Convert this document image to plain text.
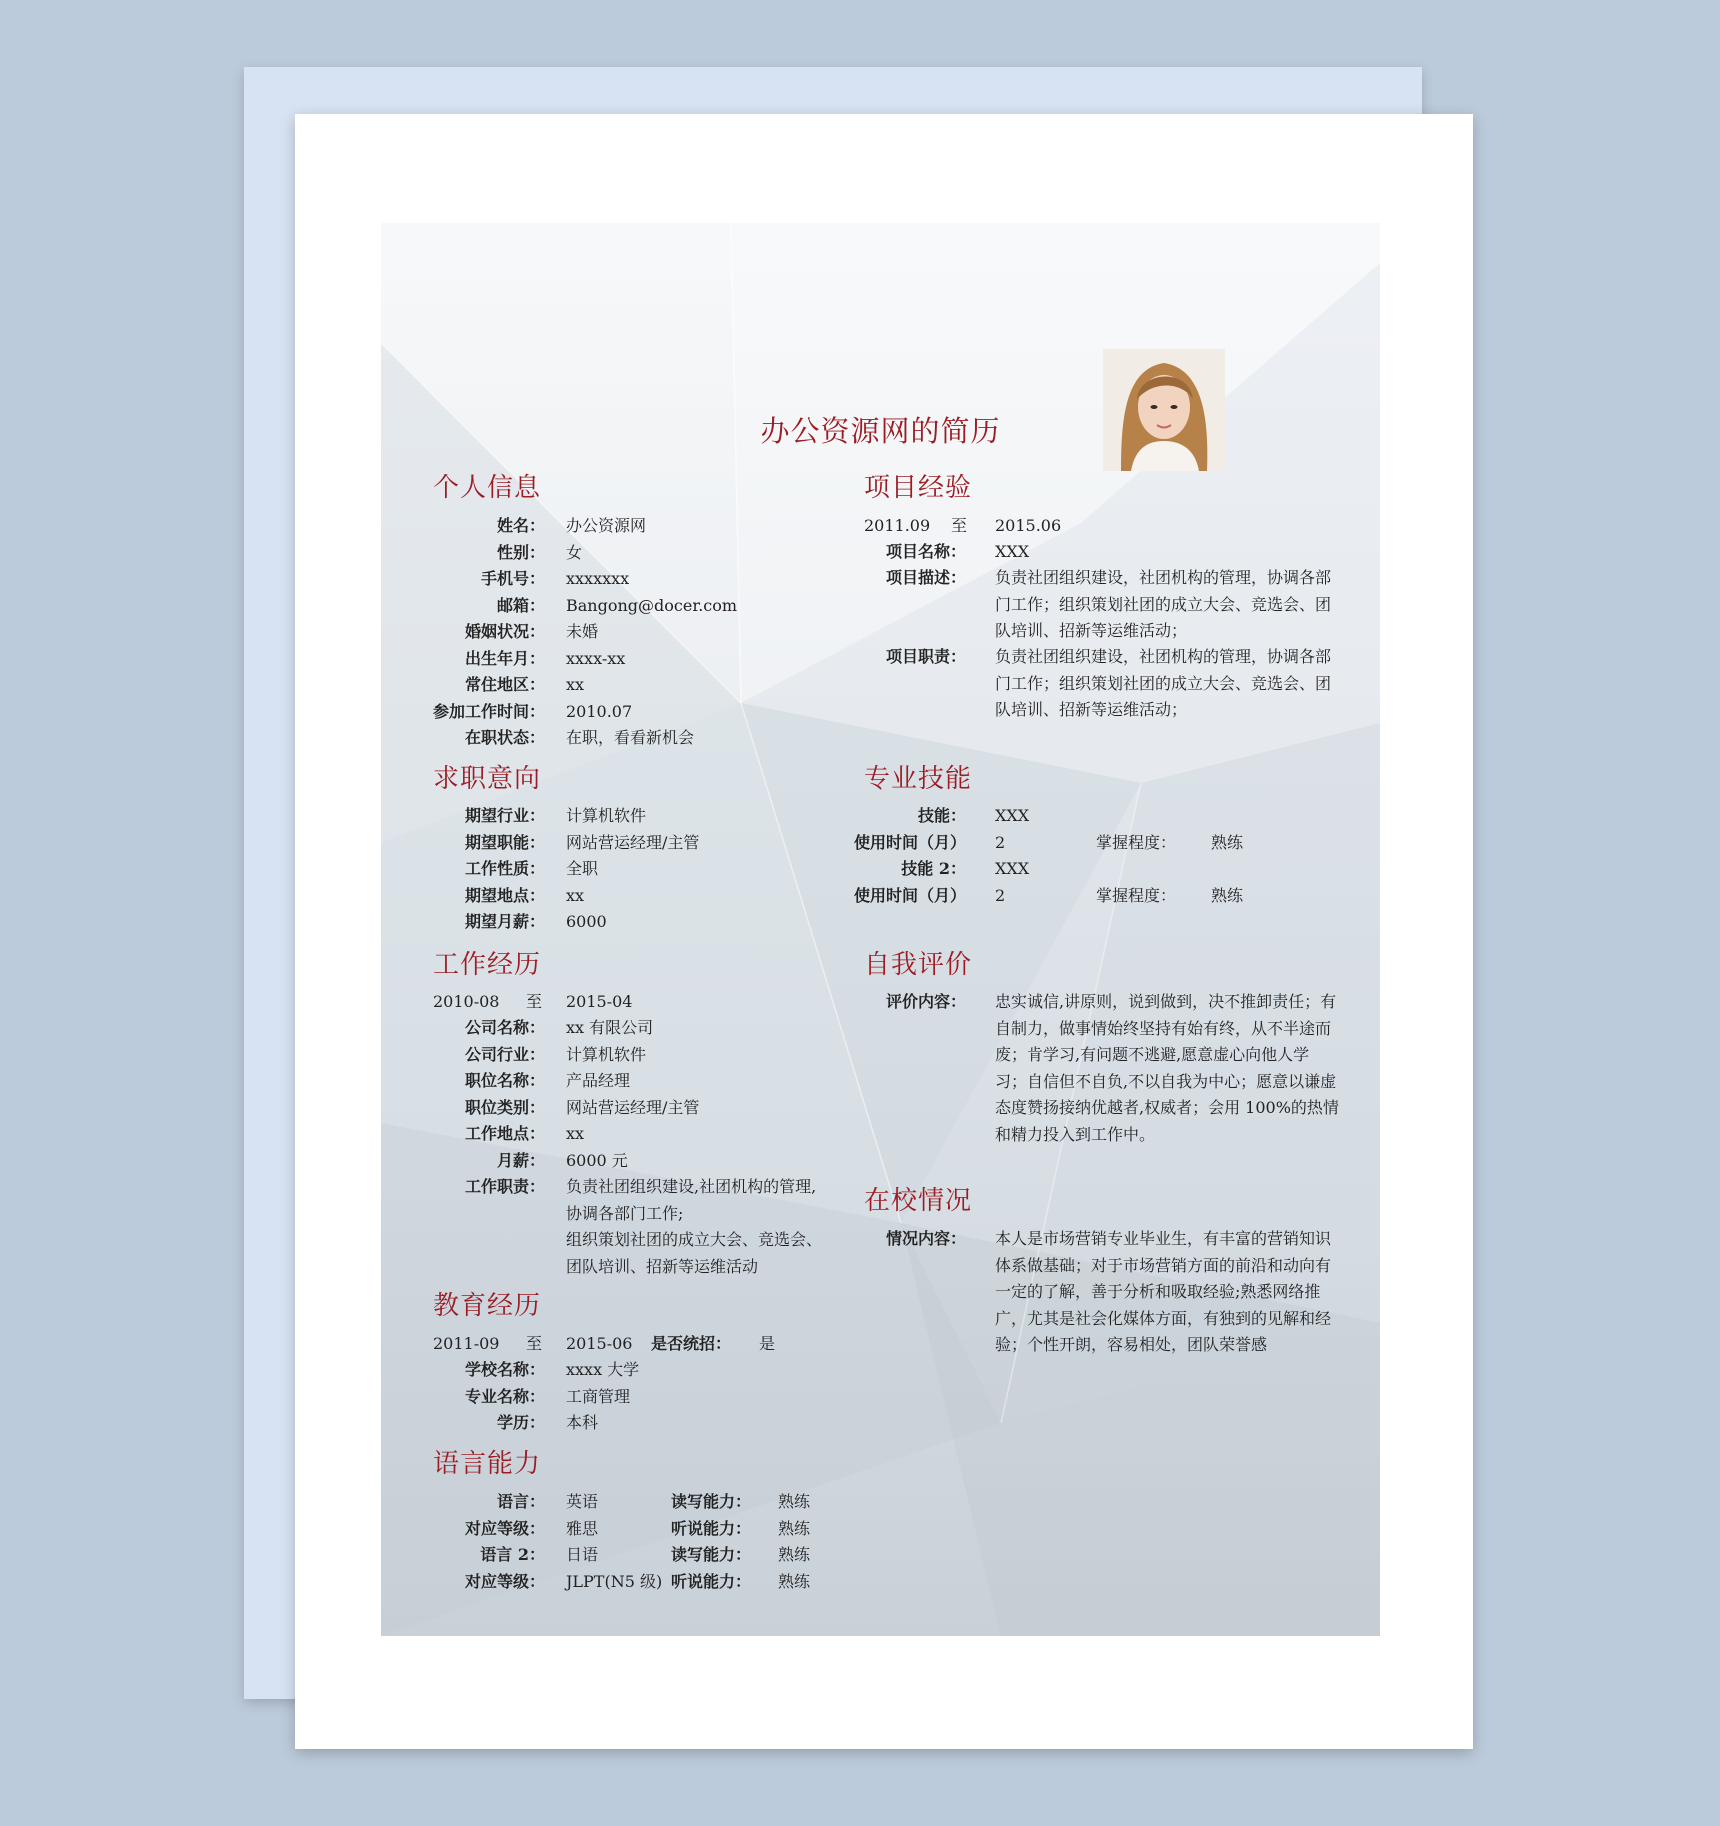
办公资源网的简历
个人信息
姓名： 办公资源网
性别： 女
手机号： xxxxxxx
邮箱： Bangong@docer.com
婚姻状况： 未婚
出生年月： xxxx-xx
常住地区： xx
参加工作时间： 2010.07
在职状态： 在职，看看新机会
求职意向
期望行业： 计算机软件
期望职能： 网站营运经理/主管
工作性质： 全职
期望地点： xx
期望月薪： 6000
工作经历
2010-08 至 2015-04
公司名称： xx 有限公司
公司行业： 计算机软件
职位名称： 产品经理
职位类别： 网站营运经理/主管
工作地点： xx
月薪： 6000 元
工作职责： 负责社团组织建设,社团机构的管理,
协调各部门工作;
组织策划社团的成立大会、竞选会、
团队培训、招新等运维活动
教育经历
2011-09 至 2015-06 是否统招： 是
学校名称： xxxx 大学
专业名称： 工商管理
学历： 本科
语言能力
语言： 英语	读写能力： 熟练
对应等级： 雅思	听说能力： 熟练
语言 2： 日语	读写能力： 熟练
对应等级： JLPT(N5 级) 听说能力： 熟练
项目经验
2011.09 至 2015.06
项目名称： XXX
项目描述： 负责社团组织建设，社团机构的管理，协调各部门工作；组织策划社团的成立大会、竞选会、团队培训、招新等运维活动；
项目职责： 负责社团组织建设，社团机构的管理，协调各部门工作；组织策划社团的成立大会、竞选会、团队培训、招新等运维活动；
专业技能
技能： XXX
使用时间（月） 2	掌握程度： 熟练
技能 2： XXX
使用时间（月） 2	掌握程度： 熟练
自我评价
评价内容： 忠实诚信,讲原则，说到做到，决不推卸责任；有自制力，做事情始终坚持有始有终，从不半途而废；肯学习,有问题不逃避,愿意虚心向他人学习；自信但不自负,不以自我为中心；愿意以谦虚态度赞扬接纳优越者,权威者；会用 100%的热情和精力投入到工作中。
在校情况
情况内容： 本人是市场营销专业毕业生，有丰富的营销知识体系做基础；对于市场营销方面的前沿和动向有一定的了解，善于分析和吸取经验;熟悉网络推广，尤其是社会化媒体方面，有独到的见解和经验；个性开朗，容易相处，团队荣誉感
